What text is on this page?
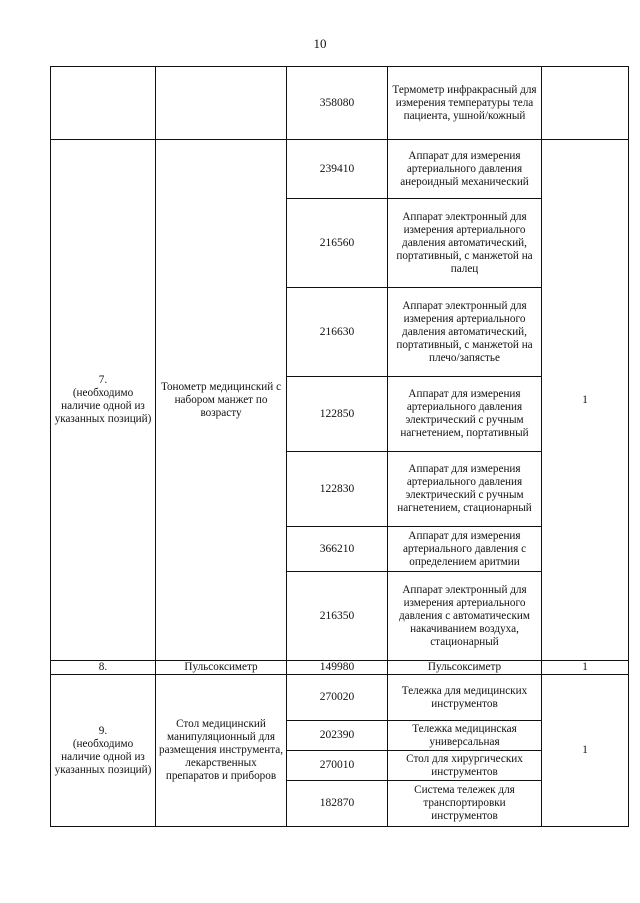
10
		358080	Термометр инфракрасный для измерения температуры тела пациента, ушной/кожный	

7.
(необходимо наличие одной из указанных позиций)	Тонометр медицинский с набором манжет по возрасту	239410	Аппарат для измерения артериального давления анероидный механический	1
		216560	Аппарат электронный для измерения артериального давления автоматический, портативный, с манжетой на палец	
		216630	Аппарат электронный для измерения артериального давления автоматический, портативный, с манжетой на плечо/запястье	
		122850	Аппарат для измерения артериального давления электрический с ручным нагнетением, портативный	
		122830	Аппарат для измерения артериального давления электрический с ручным нагнетением, стационарный	
		366210	Аппарат для измерения артериального давления с определением аритмии	
		216350	Аппарат электронный для измерения артериального давления с автоматическим накачиванием воздуха, стационарный	
8.	Пульсоксиметр	149980	Пульсоксиметр	1

9.
(необходимо наличие одной из указанных позиций)	Стол медицинский манипуляционный для размещения инструмента, лекарственных препаратов и приборов	270020	Тележка для медицинских инструментов	1
		202390	Тележка медицинская универсальная	
		270010	Стол для хирургических инструментов	
		182870	Система тележек для транспортировки инструментов	
